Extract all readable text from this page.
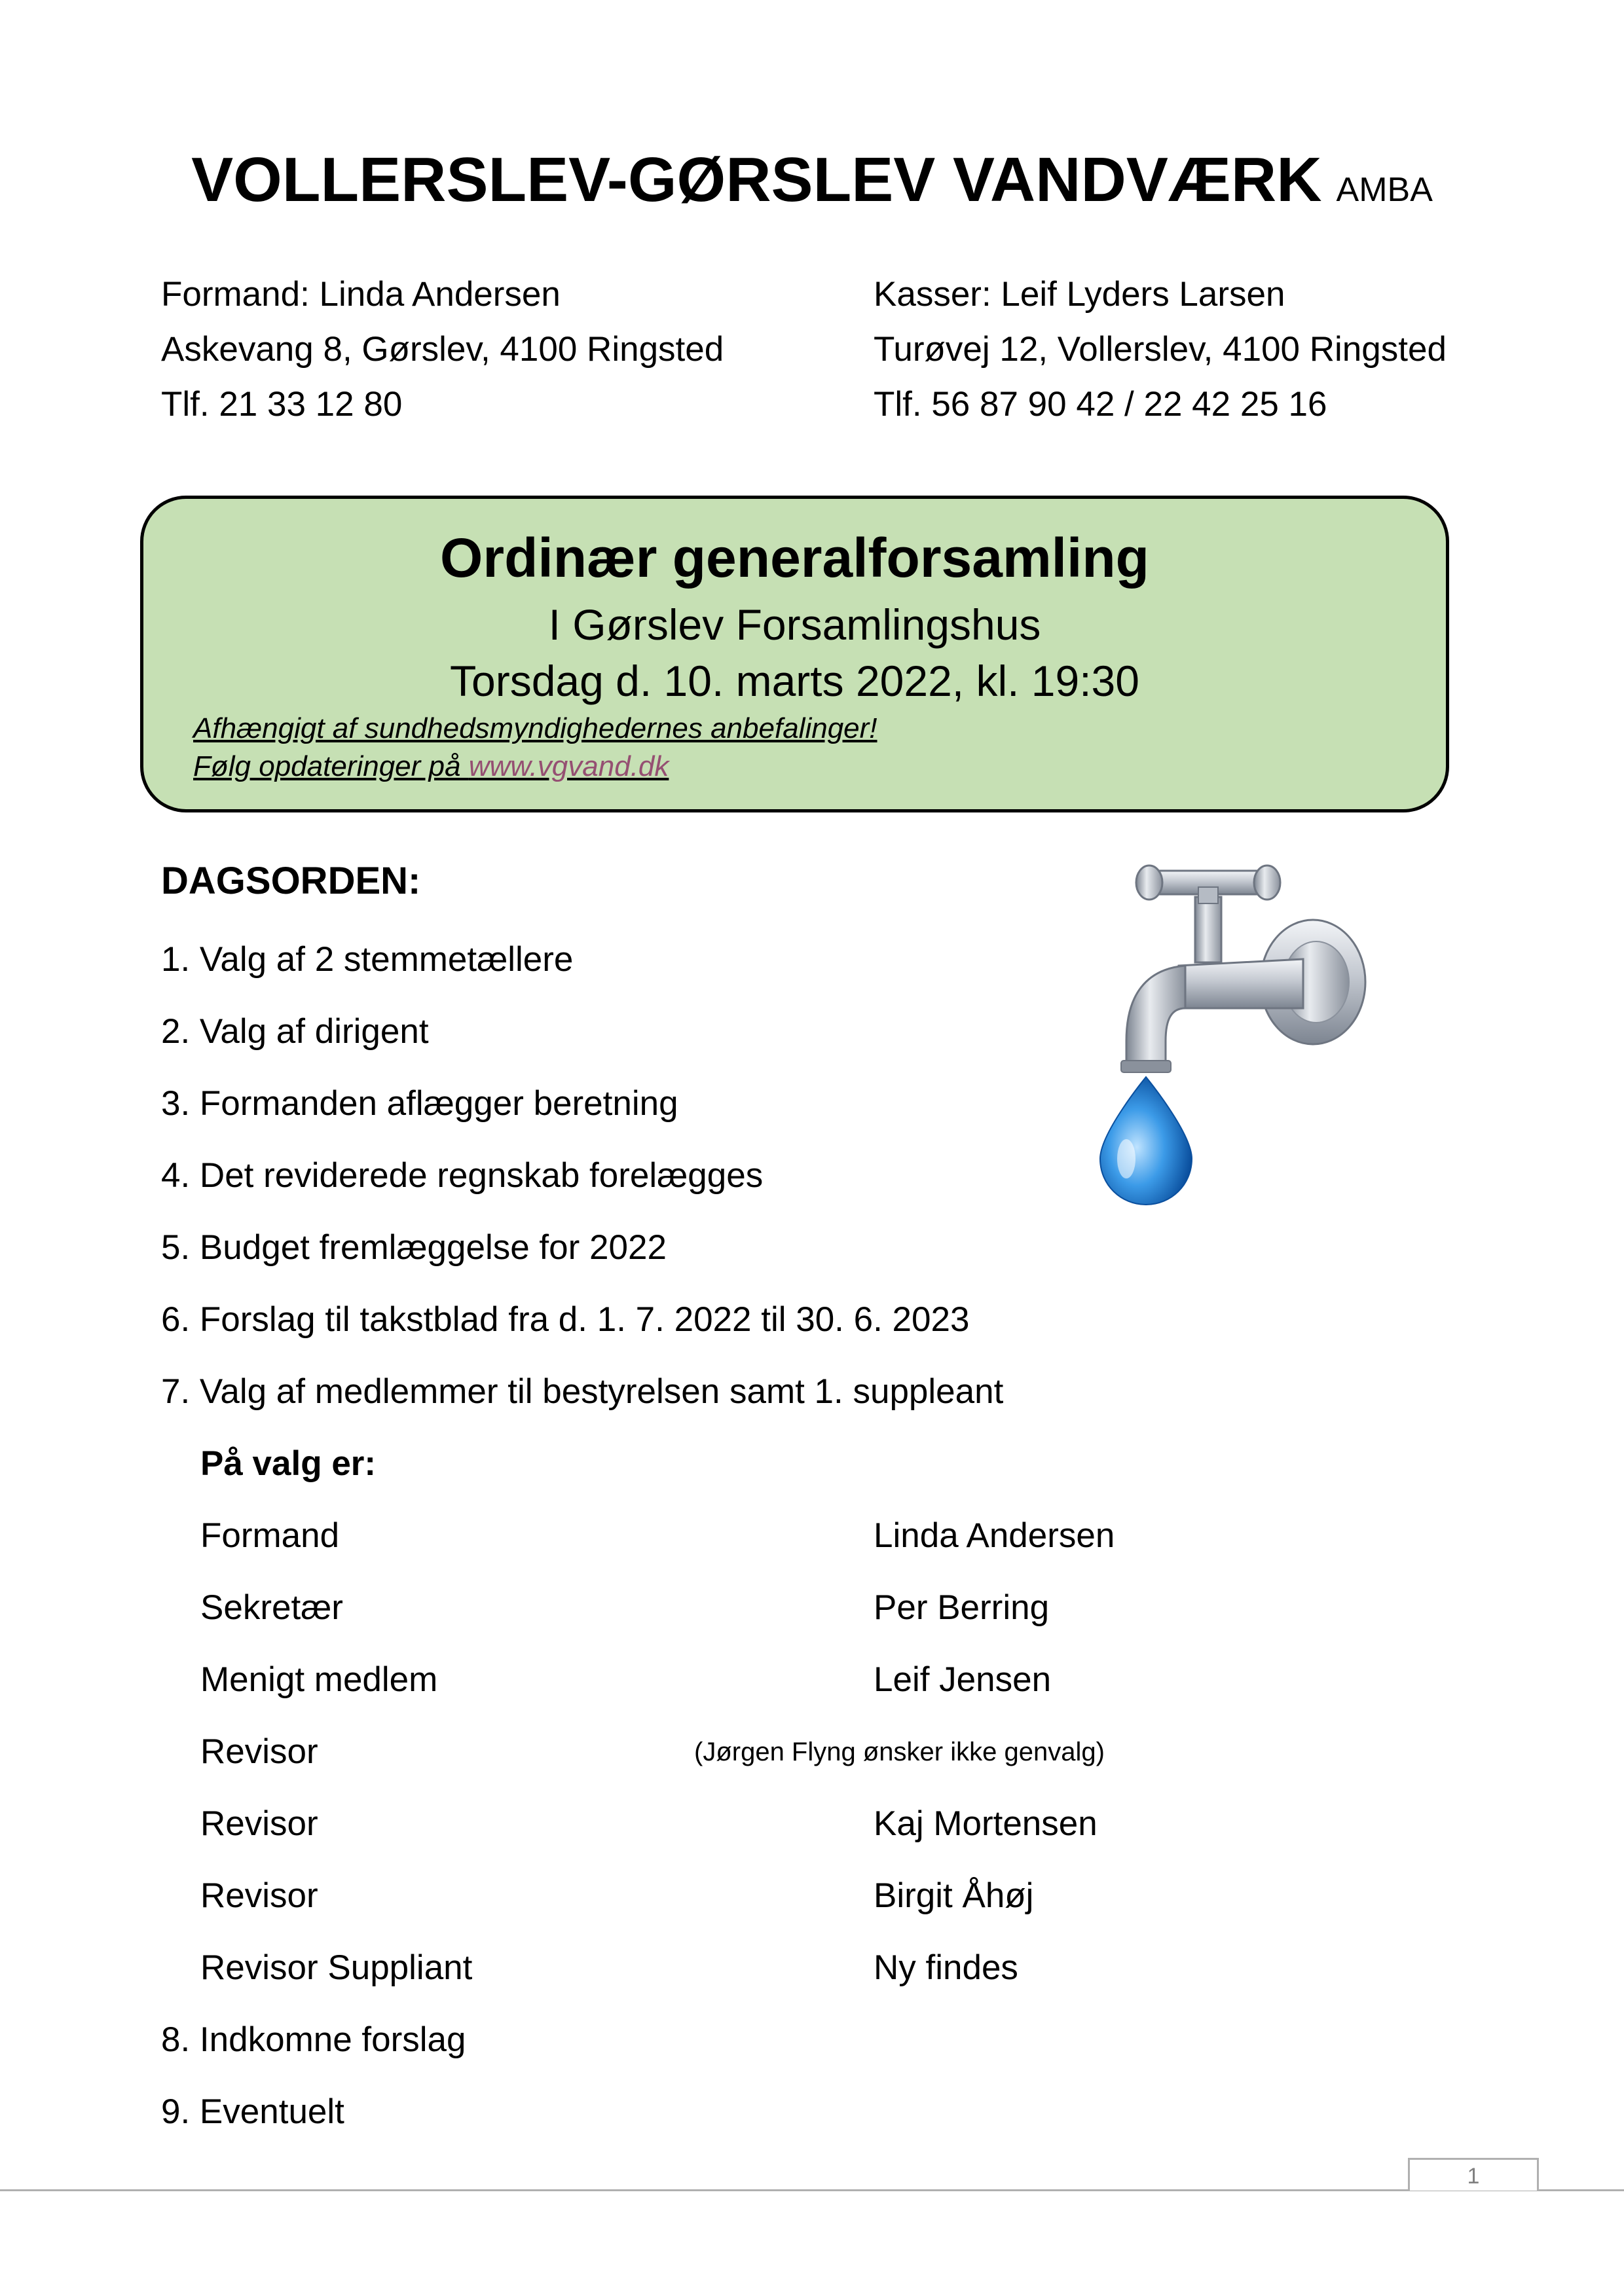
VOLLERSLEV-GØRSLEV VANDVÆRK AMBA
Formand: Linda Andersen
Askevang 8, Gørslev, 4100 Ringsted
Tlf. 21 33 12 80
Kasser: Leif Lyders Larsen
Turøvej 12, Vollerslev, 4100 Ringsted
Tlf. 56 87 90 42 / 22 42 25 16
Ordinær generalforsamling
I Gørslev Forsamlingshus
Torsdag d. 10. marts 2022, kl. 19:30
Afhængigt af sundhedsmyndighedernes anbefalinger!
Følg opdateringer på www.vgvand.dk
DAGSORDEN:
1. Valg af 2 stemmetællere
2. Valg af dirigent
3. Formanden aflægger beretning
4. Det reviderede regnskab forelægges
5. Budget fremlæggelse for 2022
6. Forslag til takstblad fra d. 1. 7. 2022 til 30. 6. 2023
7. Valg af medlemmer til bestyrelsen samt 1. suppleant
På valg er:
Formand	Linda Andersen
Sekretær	Per Berring
Menigt medlem	Leif Jensen
Revisor	(Jørgen Flyng ønsker ikke genvalg)
Revisor	Kaj Mortensen
Revisor	Birgit Åhøj
Revisor Suppliant	Ny findes
8. Indkomne forslag
9. Eventuelt
1
